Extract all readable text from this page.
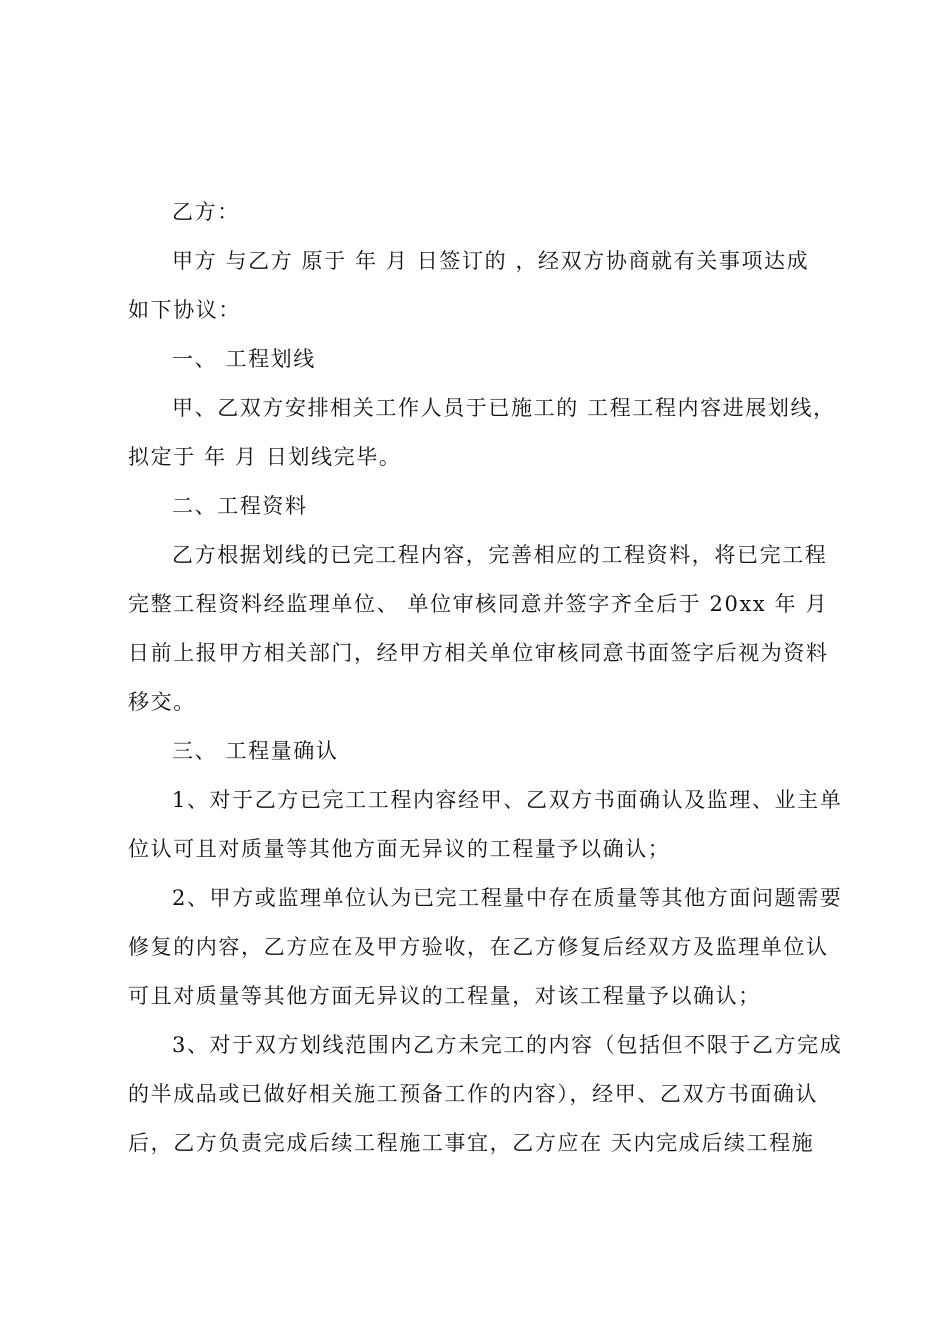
乙方：
甲方 与乙方 原于 年 月 日签订的 ，经双方协商就有关事项达成
如下协议：
一、 工程划线
甲、乙双方安排相关工作人员于已施工的 工程工程内容进展划线，
拟定于 年 月 日划线完毕。
二、工程资料
乙方根据划线的已完工程内容，完善相应的工程资料，将已完工程
完整工程资料经监理单位、 单位审核同意并签字齐全后于 20xx 年 月
日前上报甲方相关部门，经甲方相关单位审核同意书面签字后视为资料
移交。
三、 工程量确认
1、对于乙方已完工工程内容经甲、乙双方书面确认及监理、业主单
位认可且对质量等其他方面无异议的工程量予以确认；
2、甲方或监理单位认为已完工程量中存在质量等其他方面问题需要
修复的内容，乙方应在及甲方验收，在乙方修复后经双方及监理单位认
可且对质量等其他方面无异议的工程量，对该工程量予以确认；
3、对于双方划线范围内乙方未完工的内容（包括但不限于乙方完成
的半成品或已做好相关施工预备工作的内容），经甲、乙双方书面确认
后，乙方负责完成后续工程施工事宜，乙方应在 天内完成后续工程施
